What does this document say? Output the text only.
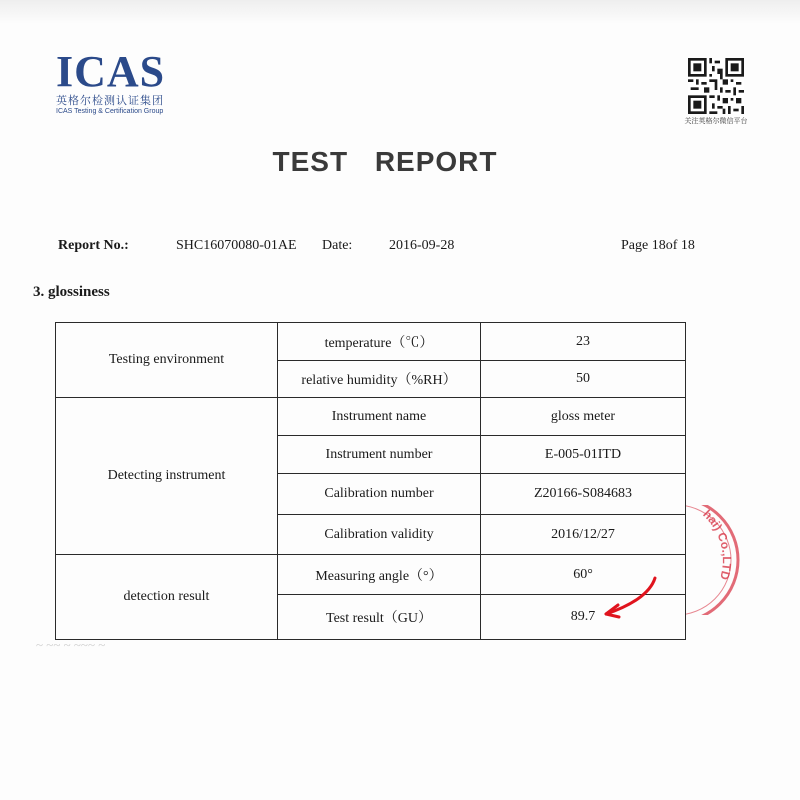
ICAS
英格尔检测认证集团
ICAS Testing & Certification Group
关注英格尔微信平台
TEST REPORT
Report No.:	SHC16070080-01AE Date:	2016-09-28	Page 18of 18
3. glossiness
Testing environment	temperature（℃）	23
	relative humidity（%RH）	50
Detecting instrument	Instrument name	gloss meter
	Instrument number	E-005-01ITD
	Calibration number	Z20166-S084683
	Calibration validity	2016/12/27
detection result	Measuring angle（°）	60°
	Test result（GU）	89.7
hai) Co.,LTD
~ ~~ ~ ~~~ ~
